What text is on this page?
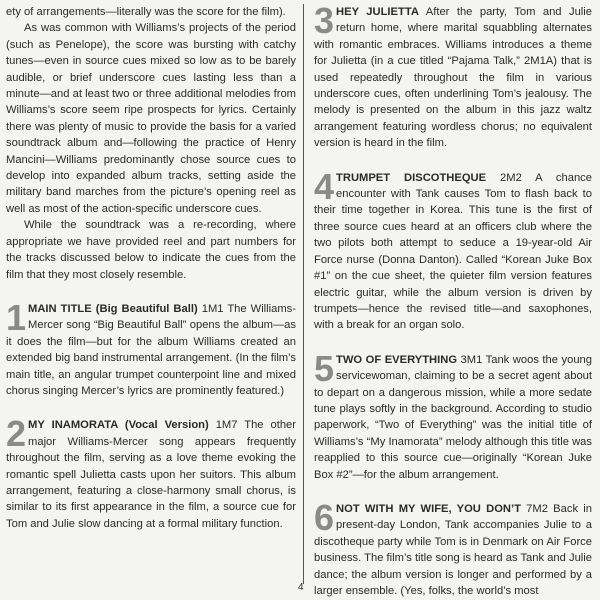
ety of arrangements—literally was the score for the film).

As was common with Williams’s projects of the period (such as Penelope), the score was bursting with catchy tunes—even in source cues mixed so low as to be barely audible, or brief underscore cues lasting less than a minute—and at least two or three additional melodies from Williams’s score seem ripe prospects for lyrics. Certainly there was plenty of music to provide the basis for a varied soundtrack album and—following the practice of Henry Mancini—Williams predominantly chose source cues to develop into expanded album tracks, setting aside the military band marches from the picture’s opening reel as well as most of the action-specific underscore cues.

While the soundtrack was a re-recording, where appropriate we have provided reel and part numbers for the tracks discussed below to indicate the cues from the film that they most closely resemble.

1 MAIN TITLE (Big Beautiful Ball) 1M1 The Williams-Mercer song “Big Beautiful Ball” opens the album—as it does the film—but for the album Williams created an extended big band instrumental arrangement. (In the film’s main title, an angular trumpet counterpoint line and mixed chorus singing Mercer’s lyrics are prominently featured.)

2 MY INAMORATA (Vocal Version) 1M7 The other major Williams-Mercer song appears frequently throughout the film, serving as a love theme evoking the romantic spell Julietta casts upon her suitors. This album arrangement, featuring a close-harmony small chorus, is similar to its first appearance in the film, a source cue for Tom and Julie slow dancing at a formal military function.

3 HEY JULIETTA After the party, Tom and Julie return home, where marital squabbling alternates with romantic embraces. Williams introduces a theme for Julietta (in a cue titled “Pajama Talk,” 2M1A) that is used repeatedly throughout the film in various underscore cues, often underlining Tom’s jealousy. The melody is presented on the album in this jazz waltz arrangement featuring wordless chorus; no equivalent version is heard in the film.

4 TRUMPET DISCOTHEQUE 2M2 A chance encounter with Tank causes Tom to flash back to their time together in Korea. This tune is the first of three source cues heard at an officers club where the two pilots both attempt to seduce a 19-year-old Air Force nurse (Donna Danton). Called “Korean Juke Box #1” on the cue sheet, the quieter film version features electric guitar, while the album version is driven by trumpets—hence the revised title—and saxophones, with a break for an organ solo.

5 TWO OF EVERYTHING 3M1 Tank woos the young servicewoman, claiming to be a secret agent about to depart on a dangerous mission, while a more sedate tune plays softly in the background. According to studio paperwork, “Two of Everything” was the initial title of Williams’s “My Inamorata” melody although this title was reapplied to this source cue—originally “Korean Juke Box #2”—for the album arrangement.

6 NOT WITH MY WIFE, YOU DON’T 7M2 Back in present-day London, Tank accompanies Julie to a discotheque party while Tom is in Denmark on Air Force business. The film’s title song is heard as Tank and Julie dance; the album version is longer and performed by a larger ensemble. (Yes, folks, the world’s most

4
